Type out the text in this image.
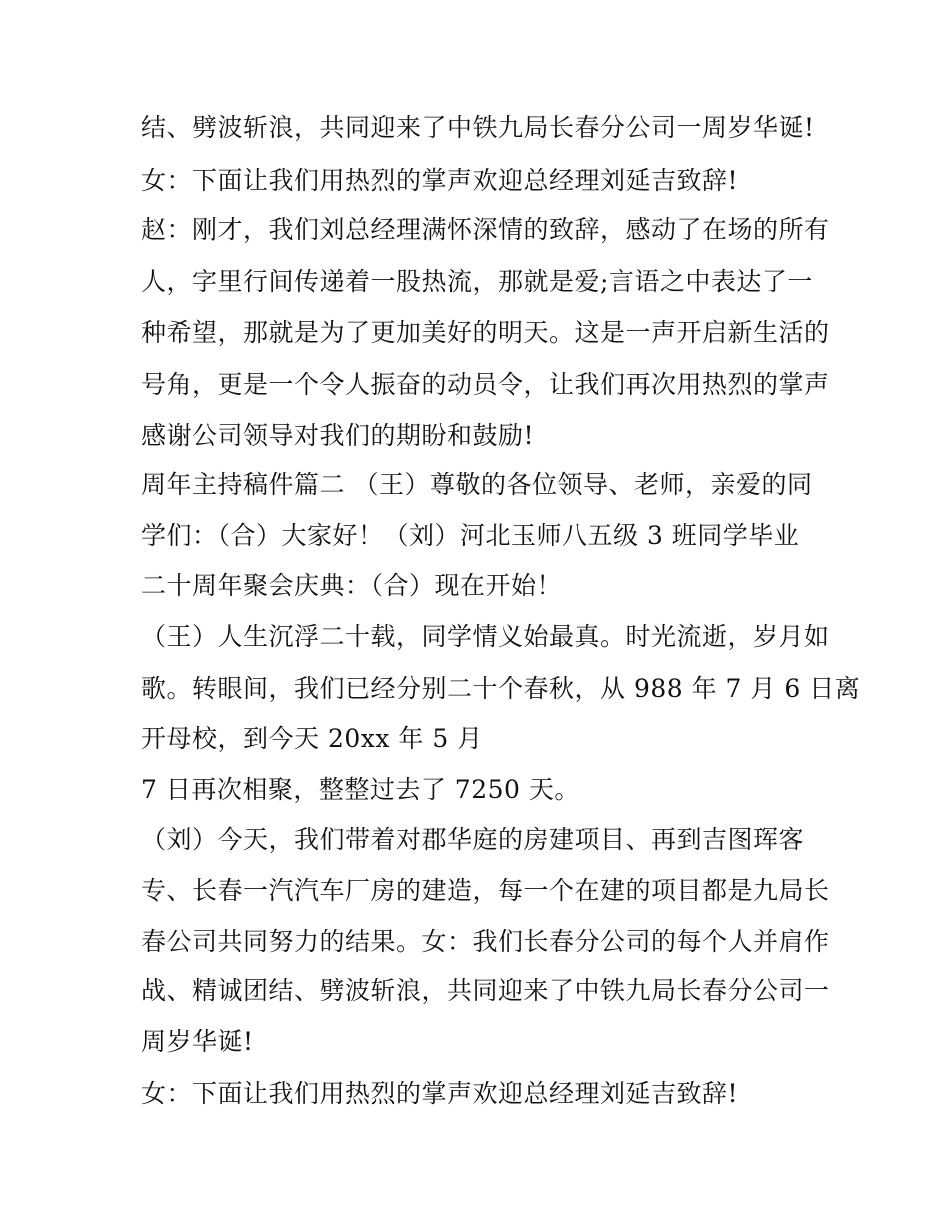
结、劈波斩浪，共同迎来了中铁九局长春分公司一周岁华诞!
女：下面让我们用热烈的掌声欢迎总经理刘延吉致辞!
赵：刚才，我们刘总经理满怀深情的致辞，感动了在场的所有
人，字里行间传递着一股热流，那就是爱;言语之中表达了一
种希望，那就是为了更加美好的明天。这是一声开启新生活的
号角，更是一个令人振奋的动员令，让我们再次用热烈的掌声
感谢公司领导对我们的期盼和鼓励!
周年主持稿件篇二 （王）尊敬的各位领导、老师，亲爱的同
学们：（合）大家好！（刘）河北玉师八五级 3 班同学毕业
二十周年聚会庆典：（合）现在开始！
（王）人生沉浮二十载，同学情义始最真。时光流逝，岁月如
歌。转眼间，我们已经分别二十个春秋，从 988 年 7 月 6 日离
开母校，到今天 20xx 年 5 月
7 日再次相聚，整整过去了 7250 天。
（刘）今天，我们带着对郡华庭的房建项目、再到吉图珲客
专、长春一汽汽车厂房的建造，每一个在建的项目都是九局长
春公司共同努力的结果。女：我们长春分公司的每个人并肩作
战、精诚团结、劈波斩浪，共同迎来了中铁九局长春分公司一
周岁华诞!
女：下面让我们用热烈的掌声欢迎总经理刘延吉致辞!
